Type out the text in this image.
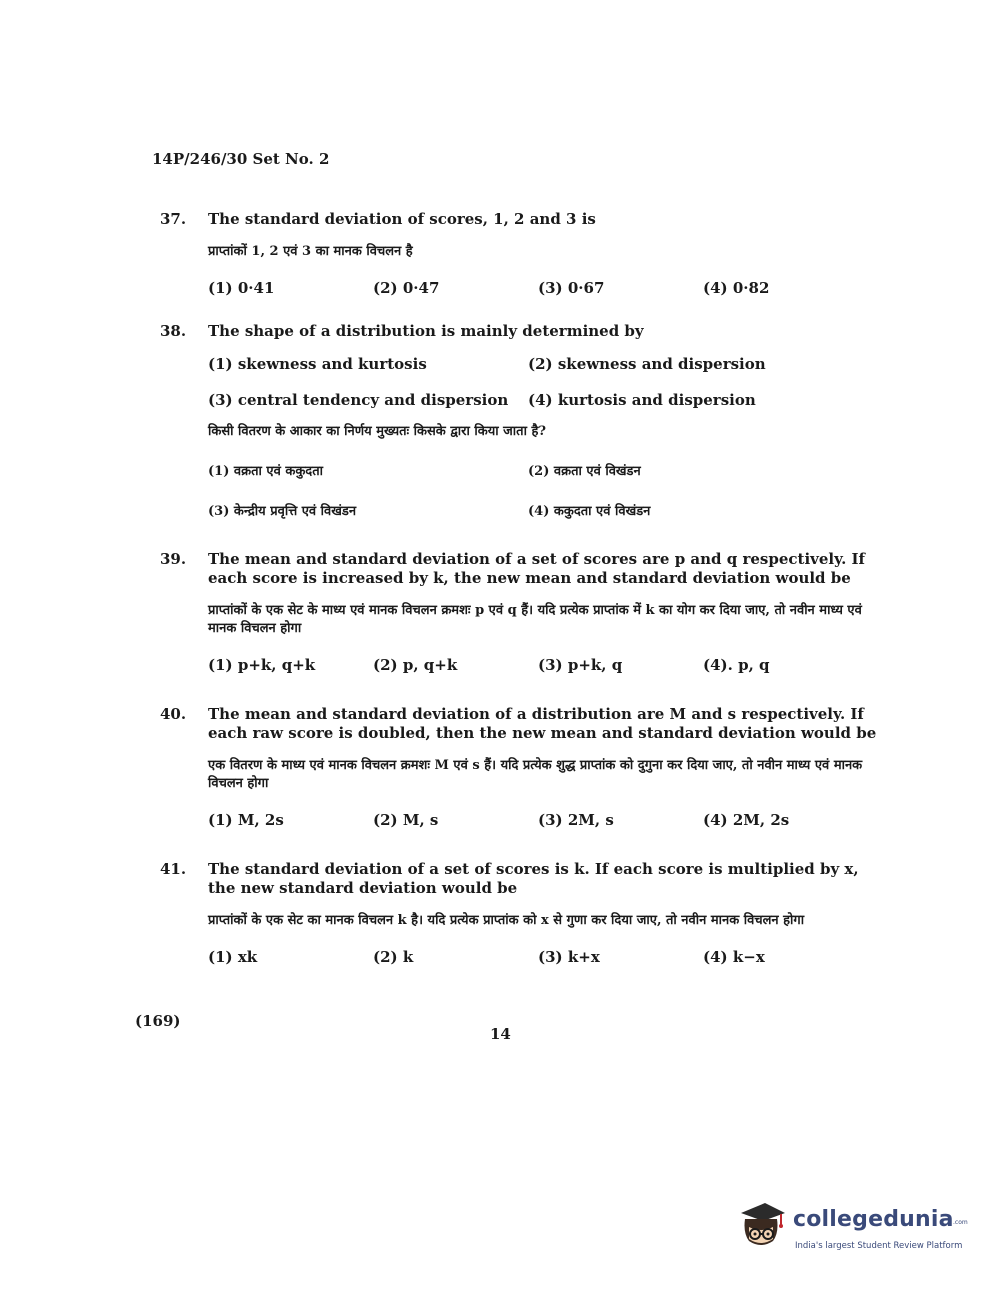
14P/246/30 Set No. 2
37. The standard deviation of scores, 1, 2 and 3 is
प्राप्तांकों 1, 2 एवं 3 का मानक विचलन है
(1) 0·41	(2) 0·47	(3) 0·67	(4) 0·82
38. The shape of a distribution is mainly determined by
(1) skewness and kurtosis	(2) skewness and dispersion
(3) central tendency and dispersion	(4) kurtosis and dispersion
किसी वितरण के आकार का निर्णय मुख्यतः किसके द्वारा किया जाता है?
(1) वक्रता एवं ककुदता	(2) वक्रता एवं विखंडन
(3) केन्द्रीय प्रवृत्ति एवं विखंडन	(4) ककुदता एवं विखंडन
39. The mean and standard deviation of a set of scores are p and q respectively. If each score is increased by k, the new mean and standard deviation would be
प्राप्तांकों के एक सेट के माध्य एवं मानक विचलन क्रमशः p एवं q हैं। यदि प्रत्येक प्राप्तांक में k का योग कर दिया जाए, तो नवीन माध्य एवं मानक विचलन होगा
(1) p+k, q+k	(2) p, q+k	(3) p+k, q	(4). p, q
40. The mean and standard deviation of a distribution are M and s respectively. If each raw score is doubled, then the new mean and standard deviation would be
एक वितरण के माध्य एवं मानक विचलन क्रमशः M एवं s हैं। यदि प्रत्येक शुद्ध प्राप्तांक को दुगुना कर दिया जाए, तो नवीन माध्य एवं मानक विचलन होगा
(1) M, 2s	(2) M, s	(3) 2M, s	(4) 2M, 2s
41. The standard deviation of a set of scores is k. If each score is multiplied by x, the new standard deviation would be
प्राप्तांकों के एक सेट का मानक विचलन k है। यदि प्रत्येक प्राप्तांक को x से गुणा कर दिया जाए, तो नवीन मानक विचलन होगा
(1) xk	(2) k	(3) k+x	(4) k−x
(169)
14
collegedunia .com
India's largest Student Review Platform
